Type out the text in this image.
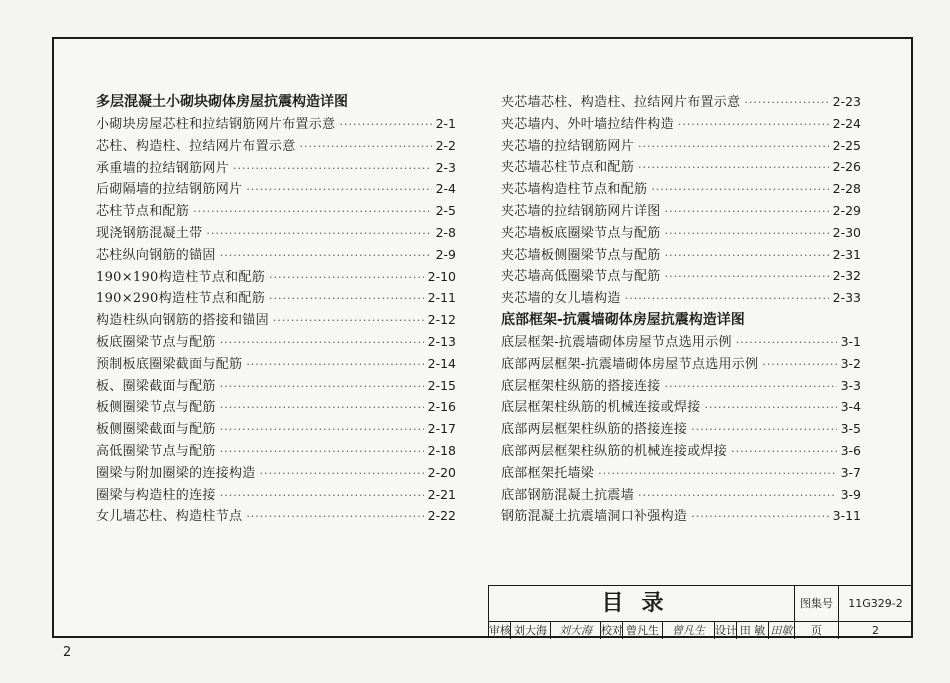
多层混凝土小砌块砌体房屋抗震构造详图
小砌块房屋芯柱和拉结钢筋网片布置示意 ·····	2-1
芯柱、构造柱、拉结网片布置示意 ·····	2-2
承重墙的拉结钢筋网片 ·····	2-3
后砌隔墙的拉结钢筋网片 ·····	2-4
芯柱节点和配筋 ·····	2-5
现浇钢筋混凝土带 ·····	2-8
芯柱纵向钢筋的锚固 ·····	2-9
190×190构造柱节点和配筋 ·····	2-10
190×290构造柱节点和配筋 ·····	2-11
构造柱纵向钢筋的搭接和锚固 ·····	2-12
板底圈梁节点与配筋 ·····	2-13
预制板底圈梁截面与配筋 ·····	2-14
板、圈梁截面与配筋 ·····	2-15
板侧圈梁节点与配筋 ·····	2-16
板侧圈梁截面与配筋 ·····	2-17
高低圈梁节点与配筋 ·····	2-18
圈梁与附加圈梁的连接构造 ·····	2-20
圈梁与构造柱的连接 ·····	2-21
女儿墙芯柱、构造柱节点 ·····	2-22
夹芯墙芯柱、构造柱、拉结网片布置示意 ·····	2-23
夹芯墙内、外叶墙拉结件构造 ·····	2-24
夹芯墙的拉结钢筋网片 ·····	2-25
夹芯墙芯柱节点和配筋 ·····	2-26
夹芯墙构造柱节点和配筋 ·····	2-28
夹芯墙的拉结钢筋网片详图 ·····	2-29
夹芯墙板底圈梁节点与配筋 ·····	2-30
夹芯墙板侧圈梁节点与配筋 ·····	2-31
夹芯墙高低圈梁节点与配筋 ·····	2-32
夹芯墙的女儿墙构造 ·····	2-33
底部框架-抗震墙砌体房屋抗震构造详图
底层框架-抗震墙砌体房屋节点选用示例 ·····	3-1
底部两层框架-抗震墙砌体房屋节点选用示例 ·····	3-2
底层框架柱纵筋的搭接连接 ·····	3-3
底层框架柱纵筋的机械连接或焊接 ·····	3-4
底部两层框架柱纵筋的搭接连接 ·····	3-5
底部两层框架柱纵筋的机械连接或焊接 ·····	3-6
底部框架托墙梁 ·····	3-7
底部钢筋混凝土抗震墙 ·····	3-9
钢筋混凝土抗震墙洞口补强构造 ·····	3-11
目录	图集号	11G329-2
审核 刘大海	刘大海 校对 曾凡生	曾凡生 设计 田 敏 田敏	页	2
2
